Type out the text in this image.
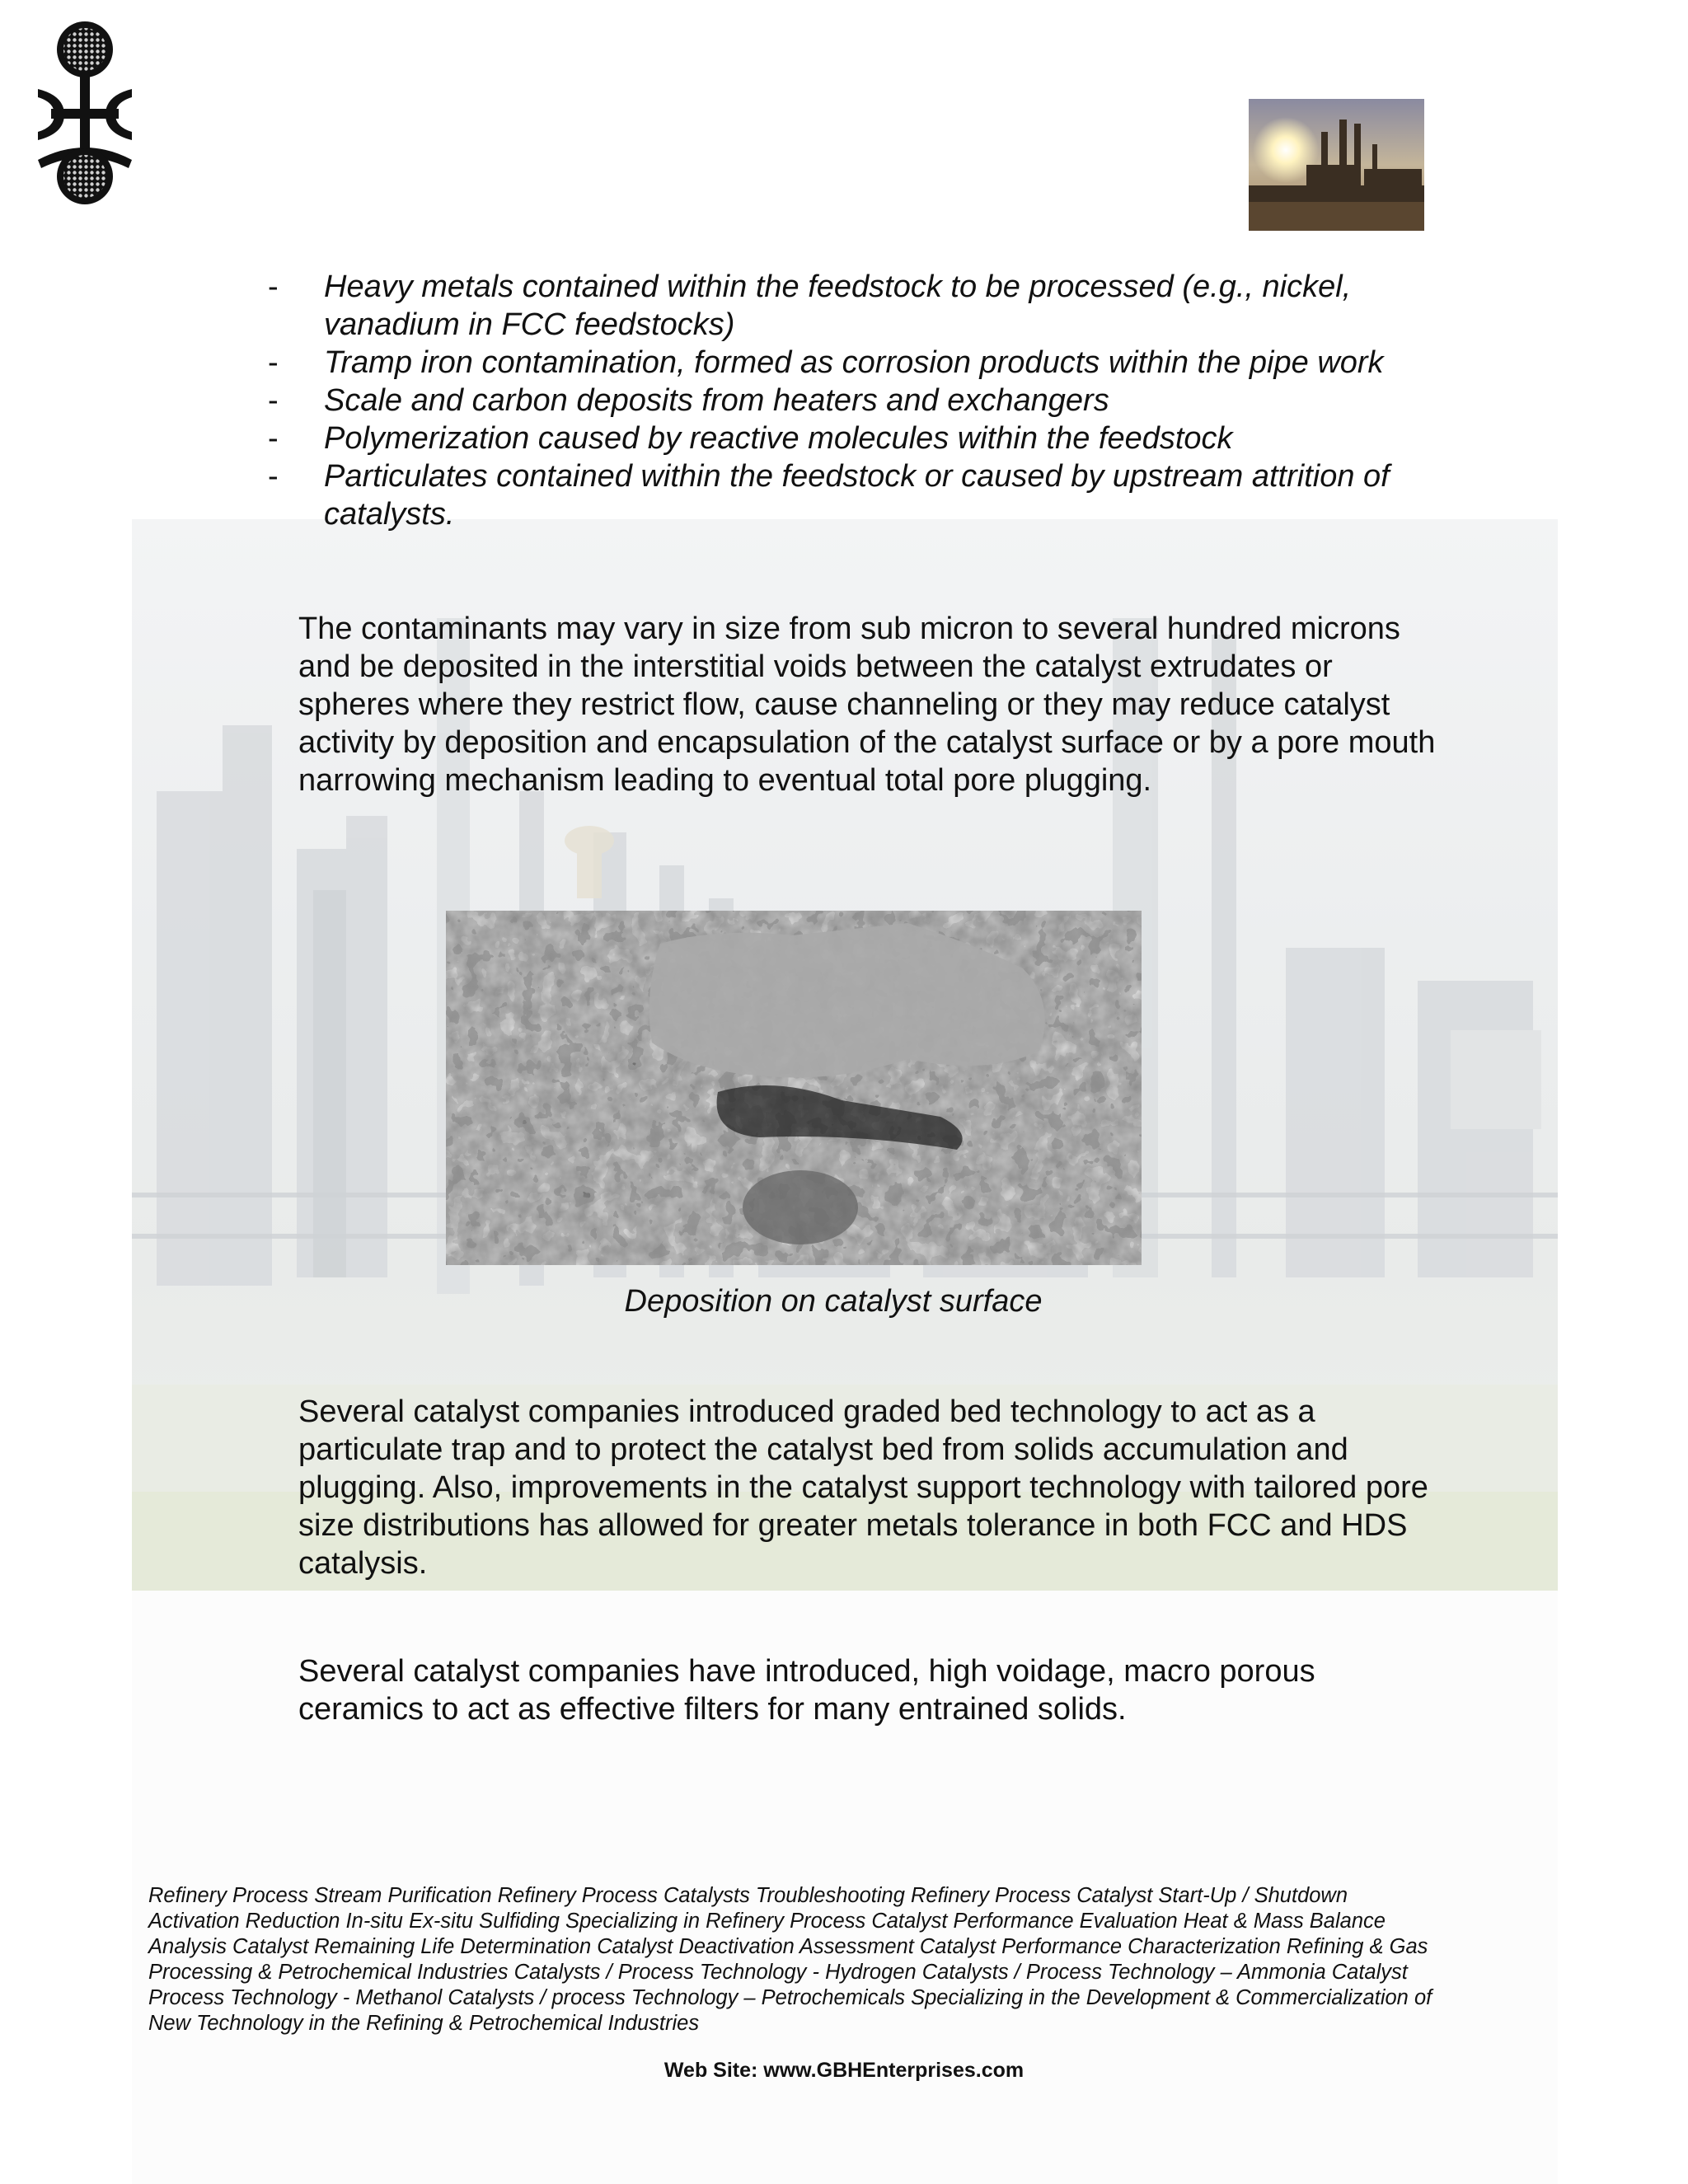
-	Heavy metals contained within the feedstock to be processed (e.g., nickel, vanadium in FCC feedstocks)
-	Tramp iron contamination, formed as corrosion products within the pipe work
-	Scale and carbon deposits from heaters and exchangers
-	Polymerization caused by reactive molecules within the feedstock
-	Particulates contained within the feedstock or caused by upstream attrition of catalysts.
The contaminants may vary in size from sub micron to several hundred microns and be deposited in the interstitial voids between the catalyst extrudates or spheres where they restrict flow, cause channeling or they may reduce catalyst activity by deposition and encapsulation of the catalyst surface or by a pore mouth narrowing mechanism leading to eventual total pore plugging.
Deposition on catalyst surface
Several catalyst companies introduced graded bed technology to act as a particulate trap and to protect the catalyst bed from solids accumulation and plugging. Also, improvements in the catalyst support technology with tailored pore size distributions has allowed for greater metals tolerance in both FCC and HDS catalysis.
Several catalyst companies have introduced, high voidage, macro porous ceramics to act as effective filters for many entrained solids.
Refinery Process Stream Purification Refinery Process Catalysts Troubleshooting Refinery Process Catalyst Start-Up / Shutdown Activation Reduction In-situ Ex-situ Sulfiding Specializing in Refinery Process Catalyst Performance Evaluation Heat & Mass Balance Analysis Catalyst Remaining Life Determination Catalyst Deactivation Assessment Catalyst Performance Characterization Refining & Gas Processing & Petrochemical Industries Catalysts / Process Technology - Hydrogen Catalysts / Process Technology – Ammonia Catalyst Process Technology - Methanol Catalysts / process Technology – Petrochemicals Specializing in the Development & Commercialization of New Technology in the Refining & Petrochemical Industries
Web Site: www.GBHEnterprises.com
